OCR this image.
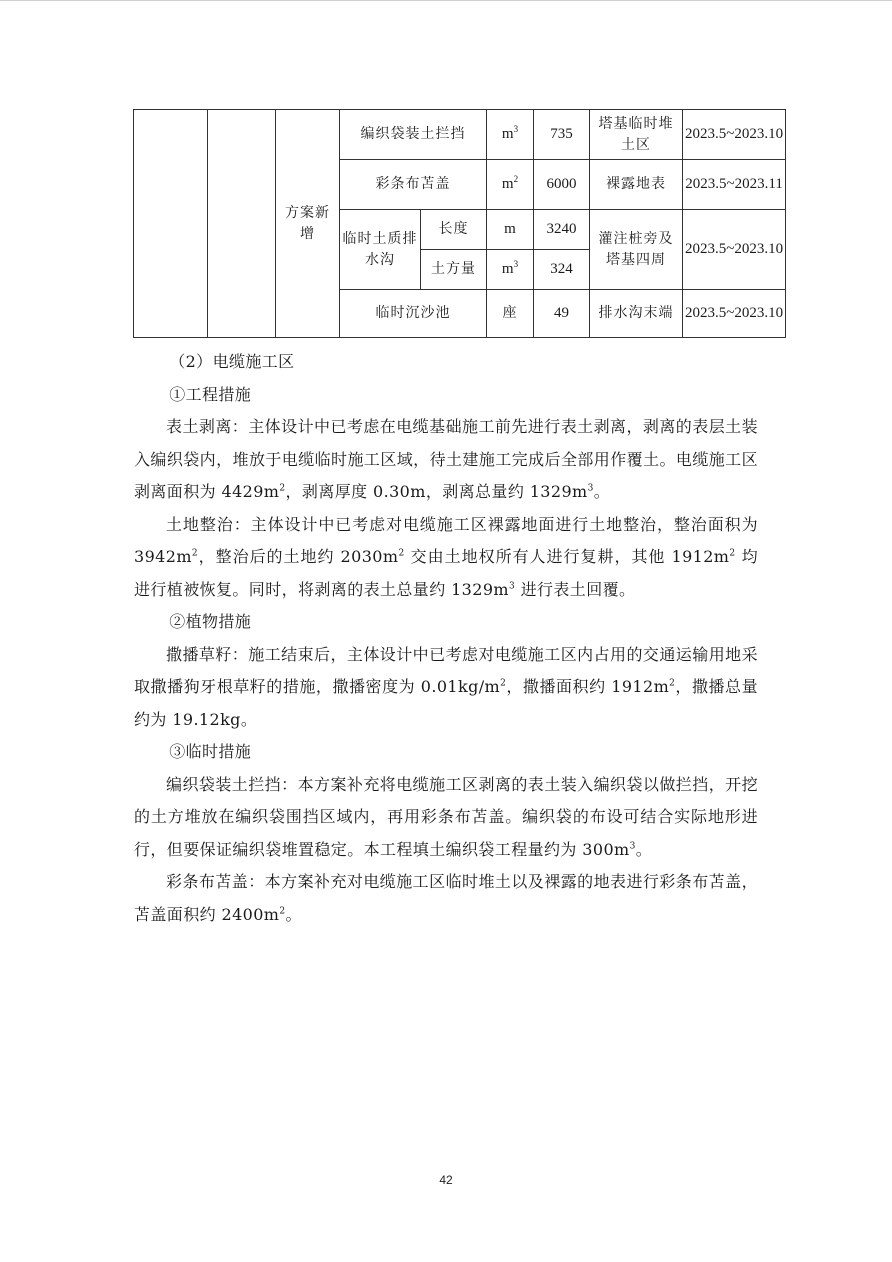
		方案新增	编织袋装土拦挡		$m^3$	735	塔基临时堆土区	2023.5~2023.10
			彩条布苫盖		$m^2$	6000	裸露地表	2023.5~2023.11
			临时土质排水沟	长度	m	3240	灌注桩旁及塔基四周	2023.5~2023.10
				土方量	$m^3$	324		
			临时沉沙池		座	49	排水沟末端	2023.5~2023.10

（2）电缆施工区

①工程措施

表土剥离：主体设计中已考虑在电缆基础施工前先进行表土剥离，剥离的表层土装入编织袋内，堆放于电缆临时施工区域，待土建施工完成后全部用作覆土。电缆施工区剥离面积为 $4429m^2$，剥离厚度 0.30m，剥离总量约 $1329m^3$。

土地整治：主体设计中已考虑对电缆施工区裸露地面进行土地整治，整治面积为 $3942m^2$，整治后的土地约 $2030m^2$ 交由土地权所有人进行复耕，其他 $1912m^2$ 均进行植被恢复。同时，将剥离的表土总量约 $1329m^3$ 进行表土回覆。

②植物措施

撒播草籽：施工结束后，主体设计中已考虑对电缆施工区内占用的交通运输用地采取撒播狗牙根草籽的措施，撒播密度为 $0.01kg/m^2$，撒播面积约 $1912m^2$，撒播总量约为 19.12kg。

③临时措施

编织袋装土拦挡：本方案补充将电缆施工区剥离的表土装入编织袋以做拦挡，开挖的土方堆放在编织袋围挡区域内，再用彩条布苫盖。编织袋的布设可结合实际地形进行，但要保证编织袋堆置稳定。本工程填土编织袋工程量约为 $300m^3$。

彩条布苫盖：本方案补充对电缆施工区临时堆土以及裸露的地表进行彩条布苫盖，苫盖面积约 $2400m^2$。

42
